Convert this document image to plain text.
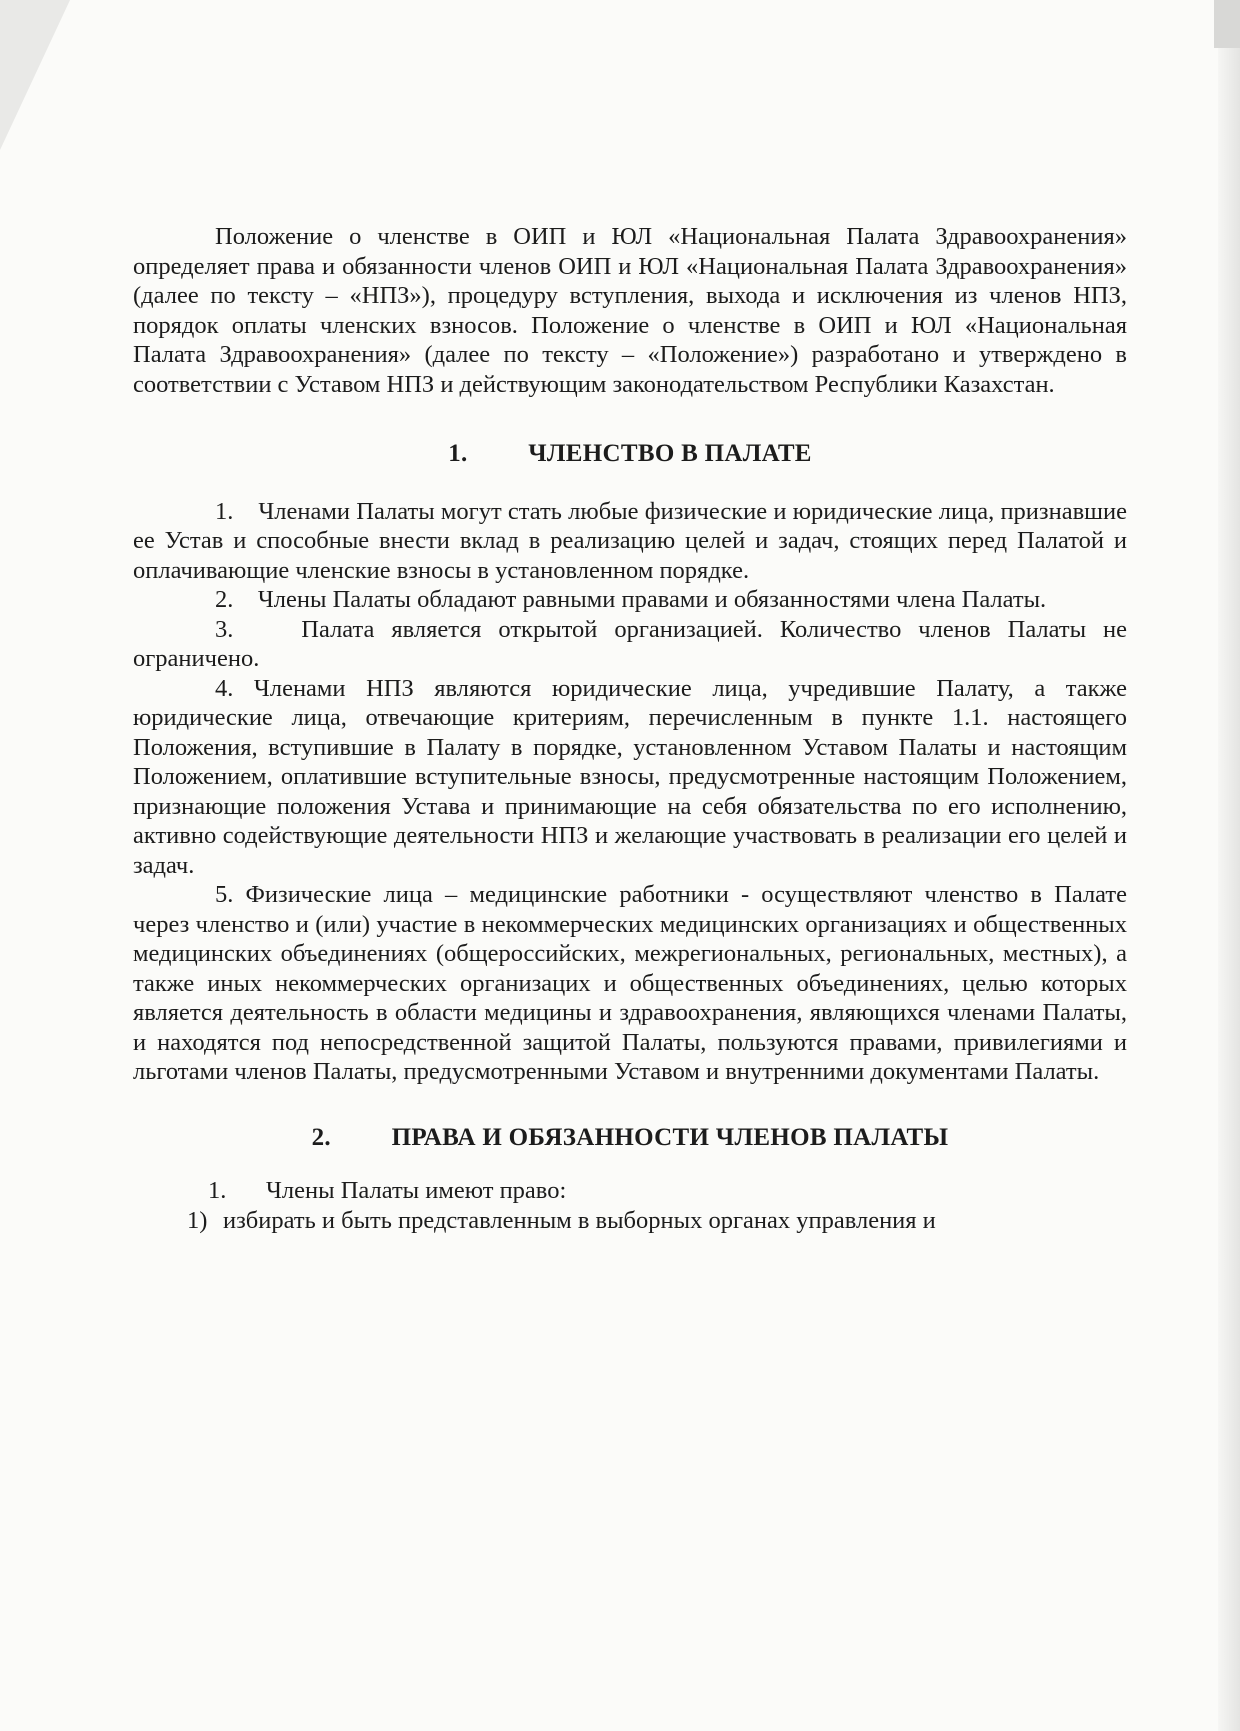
Положение о членстве в ОИП и ЮЛ «Национальная Палата Здравоохранения» определяет права и обязанности членов ОИП и ЮЛ «Национальная Палата Здравоохранения» (далее по тексту – «НПЗ»), процедуру вступления, выхода и исключения из членов НПЗ, порядок оплаты членских взносов. Положение о членстве в ОИП и ЮЛ «Национальная Палата Здравоохранения» (далее по тексту – «Положение») разработано и утверждено в соответствии с Уставом НПЗ и действующим законодательством Республики Казахстан.

1. ЧЛЕНСТВО В ПАЛАТЕ

1. Членами Палаты могут стать любые физические и юридические лица, признавшие ее Устав и способные внести вклад в реализацию целей и задач, стоящих перед Палатой и оплачивающие членские взносы в установленном порядке.

2. Члены Палаты обладают равными правами и обязанностями члена Палаты.

3.	Палата является открытой организацией. Количество членов Палаты не ограничено.

4. Членами НПЗ являются юридические лица, учредившие Палату, а также юридические лица, отвечающие критериям, перечисленным в пункте 1.1. настоящего Положения, вступившие в Палату в порядке, установленном Уставом Палаты и настоящим Положением, оплатившие вступительные взносы, предусмотренные настоящим Положением, признающие положения Устава и принимающие на себя обязательства по его исполнению, активно содействующие деятельности НПЗ и желающие участвовать в реализации его целей и задач.

5. Физические лица – медицинские работники - осуществляют членство в Палате через членство и (или) участие в некоммерческих медицинских организациях и общественных медицинских объединениях (общероссийских, межрегиональных, региональных, местных), а также иных некоммерческих организацих и общественных объединениях, целью которых является деятельность в области медицины и здравоохранения, являющихся членами Палаты, и находятся под непосредственной защитой Палаты, пользуются правами, привилегиями и льготами членов Палаты, предусмотренными Уставом и внутренними документами Палаты.

2. ПРАВА И ОБЯЗАННОСТИ ЧЛЕНОВ ПАЛАТЫ

1. Члены Палаты имеют право:

1) избирать и быть представленным в выборных органах управления и
